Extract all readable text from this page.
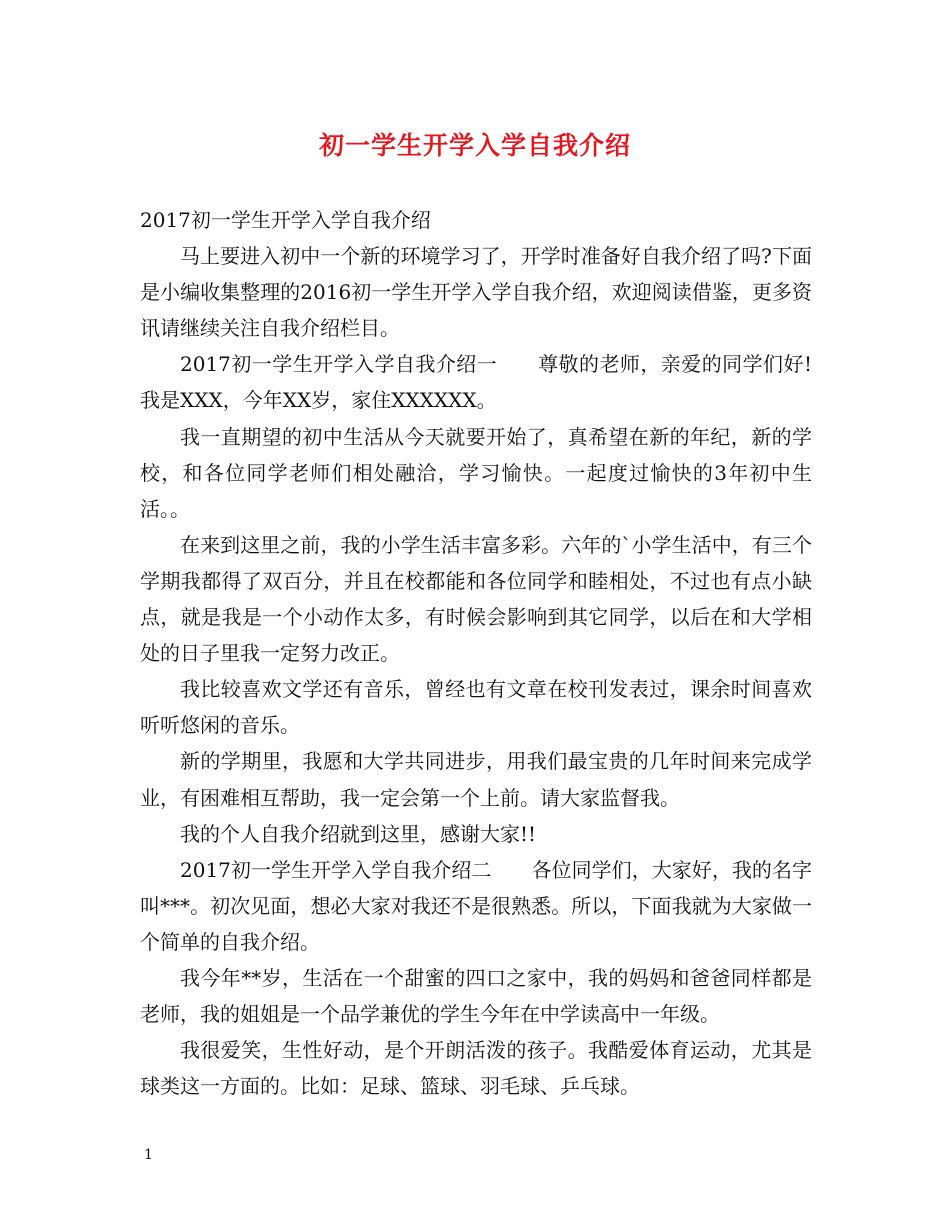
初一学生开学入学自我介绍

2017初一学生开学入学自我介绍

马上要进入初中一个新的环境学习了，开学时准备好自我介绍了吗?下面是小编收集整理的2016初一学生开学入学自我介绍，欢迎阅读借鉴，更多资讯请继续关注自我介绍栏目。

2017初一学生开学入学自我介绍一　　尊敬的老师，亲爱的同学们好!我是XXX，今年XX岁，家住XXXXXX。

我一直期望的初中生活从今天就要开始了，真希望在新的年纪，新的学校，和各位同学老师们相处融洽，学习愉快。一起度过愉快的3年初中生活。。

在来到这里之前，我的小学生活丰富多彩。六年的`小学生活中，有三个学期我都得了双百分，并且在校都能和各位同学和睦相处，不过也有点小缺点，就是我是一个小动作太多，有时候会影响到其它同学，以后在和大学相处的日子里我一定努力改正。

我比较喜欢文学还有音乐，曾经也有文章在校刊发表过，课余时间喜欢听听悠闲的音乐。

新的学期里，我愿和大学共同进步，用我们最宝贵的几年时间来完成学业，有困难相互帮助，我一定会第一个上前。请大家监督我。

我的个人自我介绍就到这里，感谢大家!!

2017初一学生开学入学自我介绍二　　各位同学们，大家好，我的名字叫***。初次见面，想必大家对我还不是很熟悉。所以，下面我就为大家做一个简单的自我介绍。

我今年**岁，生活在一个甜蜜的四口之家中，我的妈妈和爸爸同样都是老师，我的姐姐是一个品学兼优的学生今年在中学读高中一年级。

我很爱笑，生性好动，是个开朗活泼的孩子。我酷爱体育运动，尤其是球类这一方面的。比如：足球、篮球、羽毛球、乒乓球。

1
